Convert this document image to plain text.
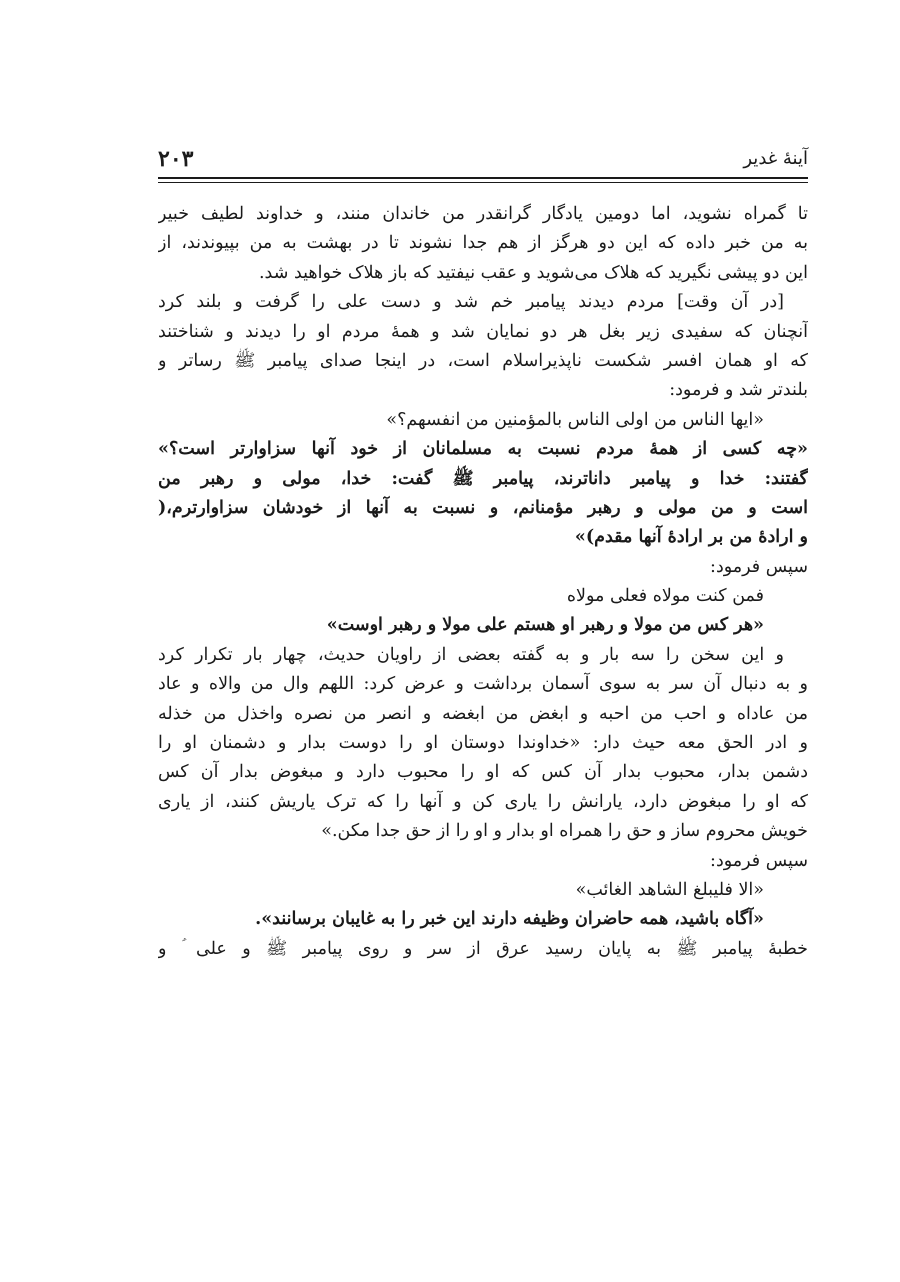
آینهٔ غدیر
۲۰۳
تا گمراه نشوید، اما دومین یادگار گرانقدر من خاندان منند، و خداوند لطیف خبیر
به من خبر داده که این دو هرگز از هم جدا نشوند تا در بهشت به من بپیوندند، از
این دو پیشی نگیرید که هلاک می‌شوید و عقب نیفتید که باز هلاک خواهید شد.
[در آن وقت] مردم دیدند پیامبر خم شد و دست علی را گرفت و بلند کرد
آنچنان که سفیدی زیر بغل هر دو نمایان شد و همهٔ مردم او را دیدند و شناختند
که او همان افسر شکست ناپذیراسلام است، در اینجا صدای پیامبر ﷺ رساتر و
بلندتر شد و فرمود:
«ایها الناس من اولی الناس بالمؤمنین من انفسهم؟»
«چه کسی از همهٔ مردم نسبت به مسلمانان از خود آنها سزاوارتر است؟»
گفتند: خدا و پیامبر داناترند، پیامبر ﷺ گفت: خدا، مولی و رهبر من
است و من مولی و رهبر مؤمنانم، و نسبت به آنها از خودشان سزاوارترم،(
و ارادهٔ من بر ارادهٔ آنها مقدم)»
سپس فرمود:
فمن کنت مولاه فعلی مولاه
«هر کس من مولا و رهبر او هستم علی مولا و رهبر اوست»
و این سخن را سه بار و به گفته بعضی از راویان حدیث، چهار بار تکرار کرد
و به دنبال آن سر به سوی آسمان برداشت و عرض کرد: اللهم وال من والاه و عاد
من عاداه و احب من احبه و ابغض من ابغضه و انصر من نصره واخذل من خذله
و ادر الحق معه حیث دار: «خداوندا دوستان او را دوست بدار و دشمنان او را
دشمن بدار، محبوب بدار آن کس که او را محبوب دارد و مبغوض بدار آن کس
که او را مبغوض دارد، یارانش را یاری کن و آنها را که ترک یاریش کنند، از یاری
خویش محروم ساز و حق را همراه او بدار و او را از حق جدا مکن.»
سپس فرمود:
«الا فلیبلغ الشاهد الغائب»
«آگاه باشید، همه حاضران وظیفه دارند این خبر را به غایبان برسانند».
خطبهٔ پیامبر ﷺ به پایان رسید عرق از سر و روی پیامبر ﷺ و علی ؑ و
